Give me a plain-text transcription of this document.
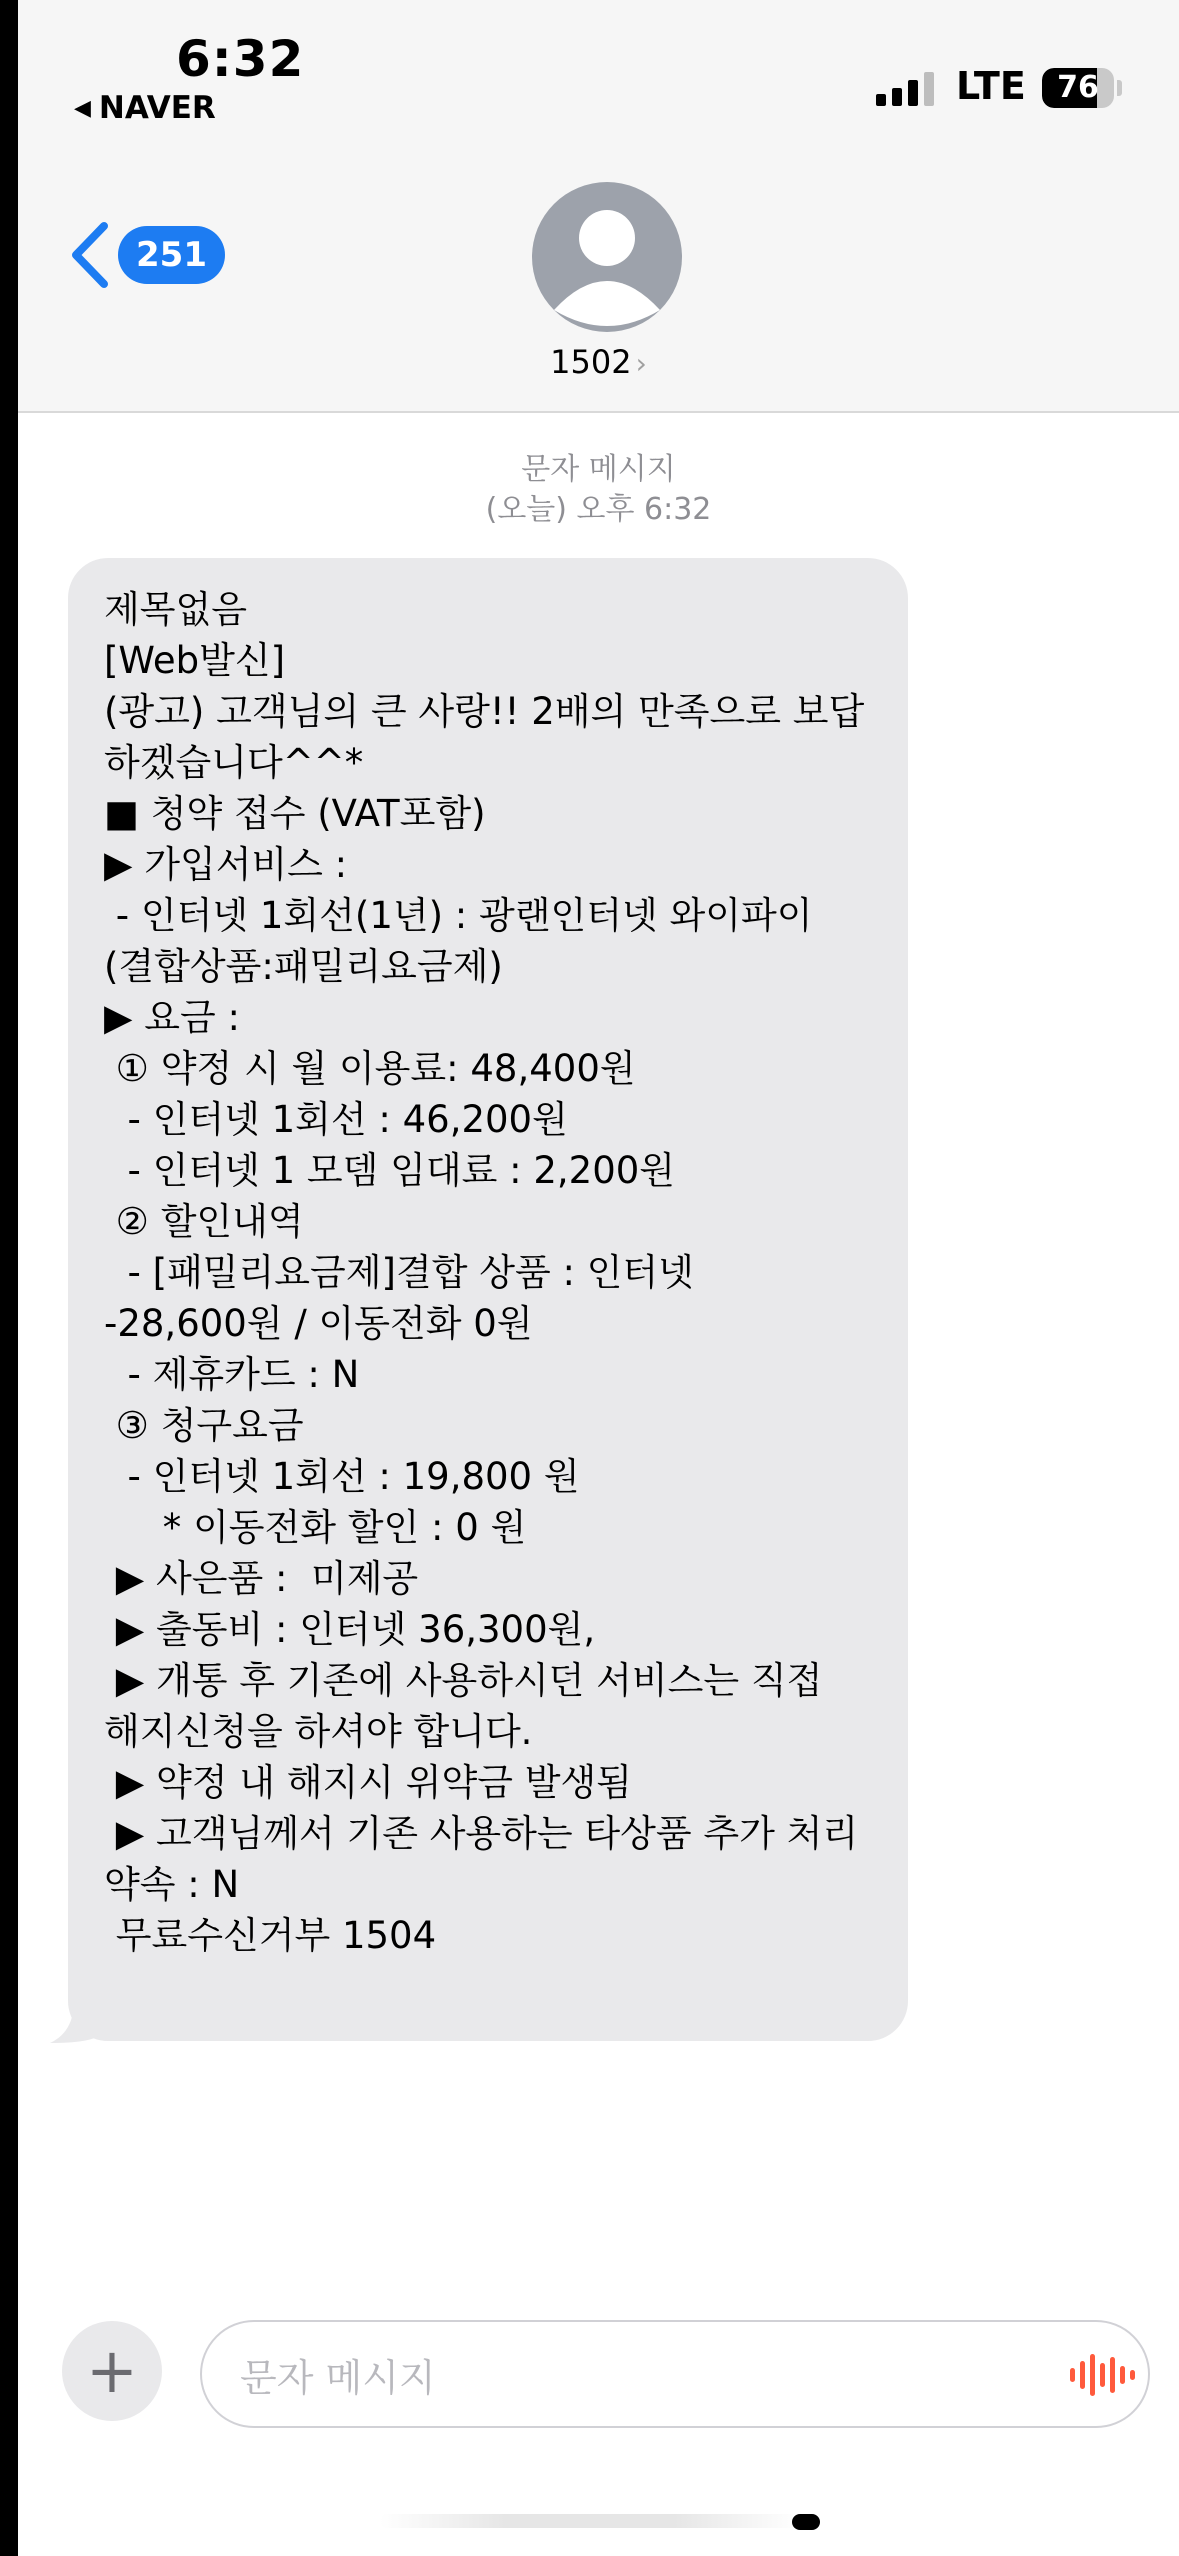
6:32
◀ NAVER	LTE	76
251
1502 ›
문자 메시지
(오늘) 오후 6:32
제목없음
[Web발신]
(광고) 고객님의 큰 사랑!! 2배의 만족으로 보답
하겠습니다^^*
■ 청약 접수 (VAT포함)
▶ 가입서비스 :
- 인터넷 1회선(1년) : 광랜인터넷 와이파이
(결합상품:패밀리요금제)
▶ 요금 :
① 약정 시 월 이용료: 48,400원
- 인터넷 1회선 : 46,200원
- 인터넷 1 모뎀 임대료 : 2,200원
② 할인내역
- [패밀리요금제]결합 상품 : 인터넷
-28,600원 / 이동전화 0원
- 제휴카드 : N
③ 청구요금
- 인터넷 1회선 : 19,800 원
* 이동전화 할인 : 0 원
▶ 사은품 :  미제공
▶ 출동비 : 인터넷 36,300원,
▶ 개통 후 기존에 사용하시던 서비스는 직접
해지신청을 하셔야 합니다.
▶ 약정 내 해지시 위약금 발생됨
▶ 고객님께서 기존 사용하는 타상품 추가 처리
약속 : N
무료수신거부 1504
+	문자 메시지
